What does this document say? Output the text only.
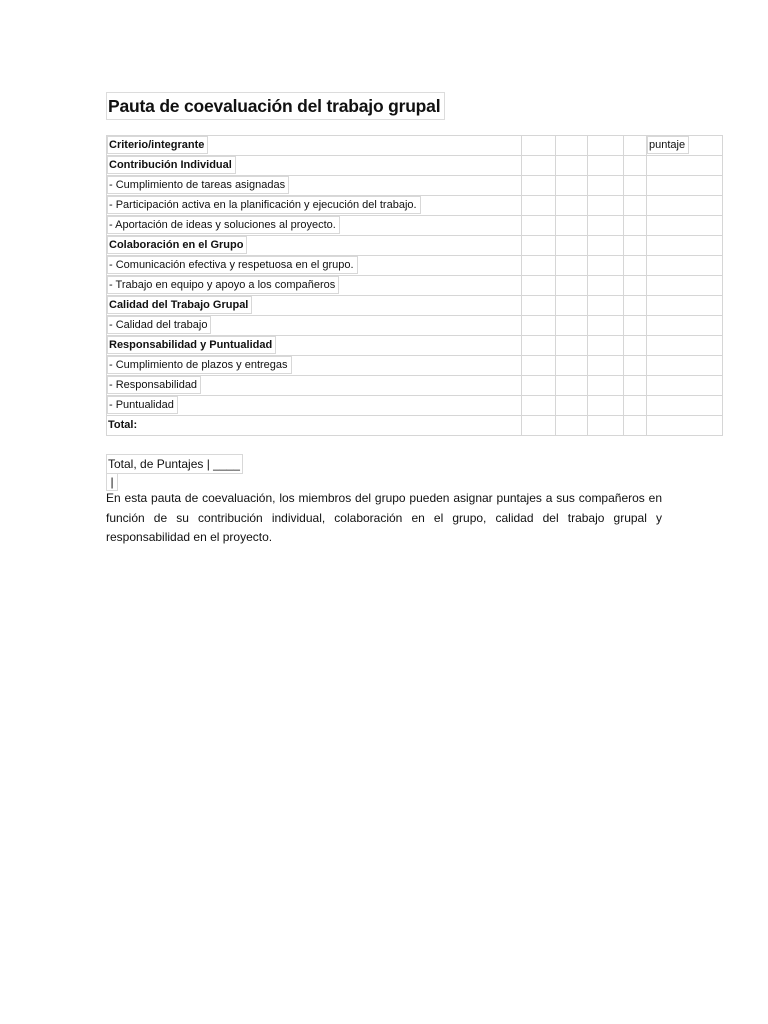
Pauta de coevaluación del trabajo grupal
Criterio/integrante					puntaje
Contribución Individual					
- Cumplimiento de tareas asignadas					
- Participación activa en la planificación y ejecución del trabajo.					
- Aportación de ideas y soluciones al proyecto.					
Colaboración en el Grupo					
- Comunicación efectiva y respetuosa en el grupo.					
- Trabajo en equipo y apoyo a los compañeros					
Calidad del Trabajo Grupal					
- Calidad del trabajo					
Responsabilidad y Puntualidad					
- Cumplimiento de plazos y entregas					
- Responsabilidad					
- Puntualidad					
Total:					
Total, de Puntajes | ____
|
En esta pauta de coevaluación, los miembros del grupo pueden asignar puntajes a sus compañeros en función de su contribución individual, colaboración en el grupo, calidad del trabajo grupal y responsabilidad en el proyecto.
